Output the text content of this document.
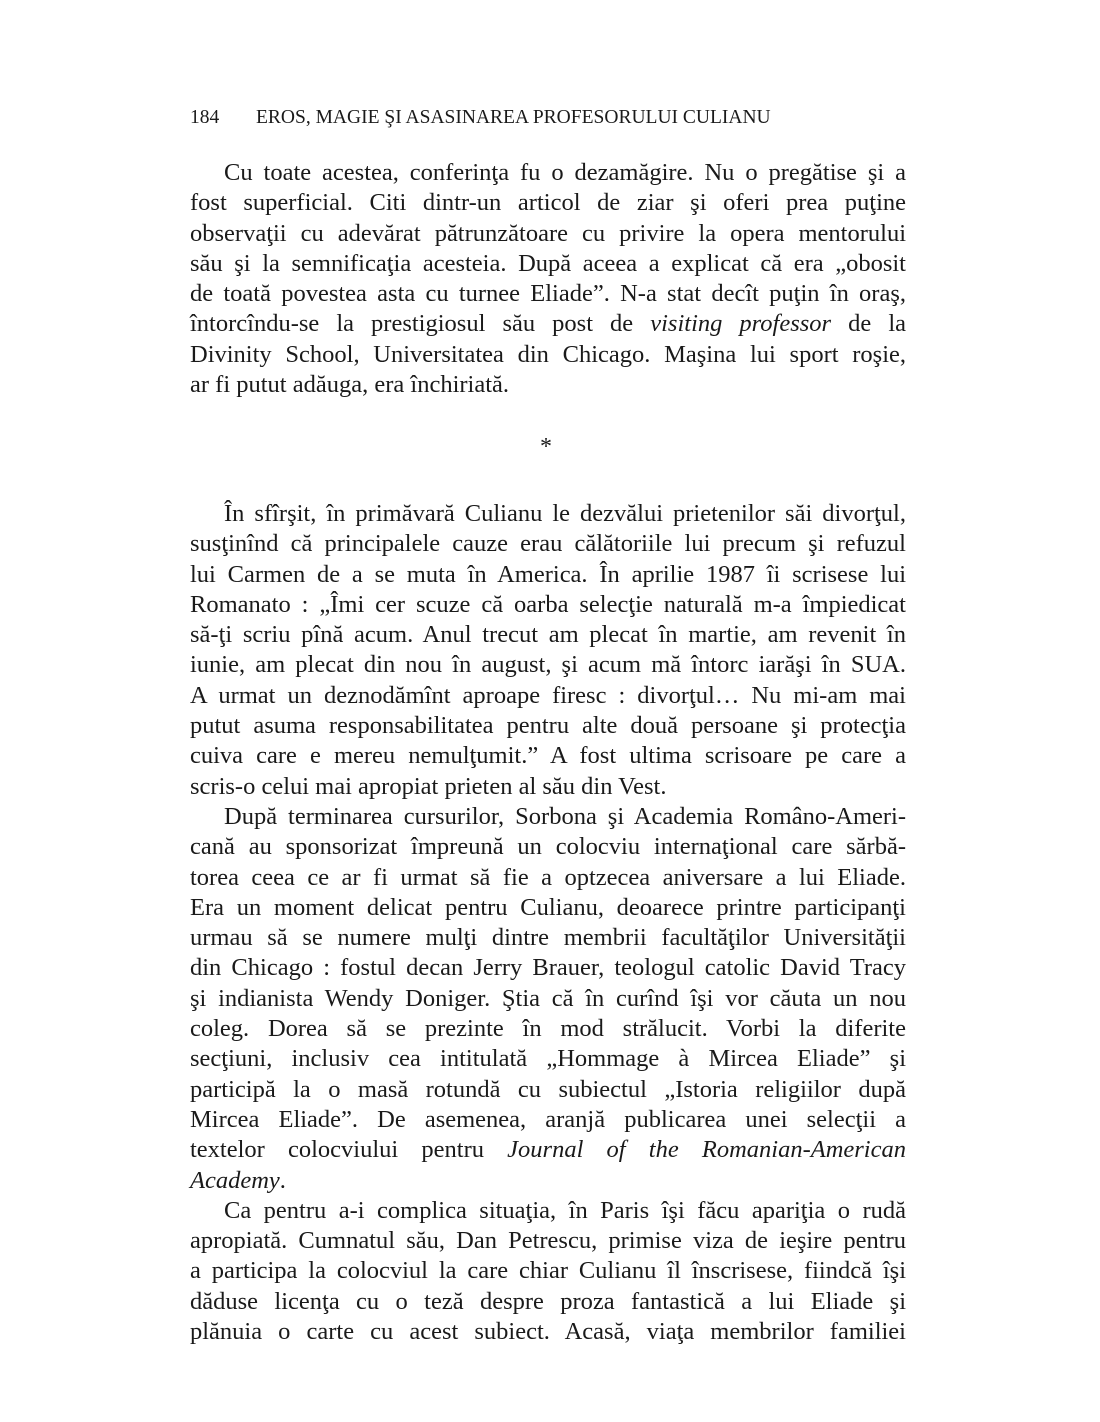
184 EROS, MAGIE ŞI ASASINAREA PROFESORULUI CULIANU
Cu toate acestea, conferinţa fu o dezamăgire. Nu o pregătise şi a
fost superficial. Citi dintr-un articol de ziar şi oferi prea puţine
observaţii cu adevărat pătrunzătoare cu privire la opera mentorului
său şi la semnificaţia acesteia. După aceea a explicat că era „obosit
de toată povestea asta cu turnee Eliade”. N-a stat decît puţin în oraş,
întorcîndu-se la prestigiosul său post de visiting professor de la
Divinity School, Universitatea din Chicago. Maşina lui sport roşie,
ar fi putut adăuga, era închiriată.
*
În sfîrşit, în primăvară Culianu le dezvălui prietenilor săi divorţul,
susţinînd că principalele cauze erau călătoriile lui precum şi refuzul
lui Carmen de a se muta în America. În aprilie 1987 îi scrisese lui
Romanato : „Îmi cer scuze că oarba selecţie naturală m-a împiedicat
să-ţi scriu pînă acum. Anul trecut am plecat în martie, am revenit în
iunie, am plecat din nou în august, şi acum mă întorc iarăşi în SUA.
A urmat un deznodămînt aproape firesc : divorţul… Nu mi-am mai
putut asuma responsabilitatea pentru alte două persoane şi protecţia
cuiva care e mereu nemulţumit.” A fost ultima scrisoare pe care a
scris-o celui mai apropiat prieten al său din Vest.
După terminarea cursurilor, Sorbona şi Academia Româno-Ameri-
cană au sponsorizat împreună un colocviu internaţional care sărbă-
torea ceea ce ar fi urmat să fie a optzecea aniversare a lui Eliade.
Era un moment delicat pentru Culianu, deoarece printre participanţi
urmau să se numere mulţi dintre membrii facultăţilor Universităţii
din Chicago : fostul decan Jerry Brauer, teologul catolic David Tracy
şi indianista Wendy Doniger. Ştia că în curînd îşi vor căuta un nou
coleg. Dorea să se prezinte în mod strălucit. Vorbi la diferite
secţiuni, inclusiv cea intitulată „Hommage à Mircea Eliade” şi
participă la o masă rotundă cu subiectul „Istoria religiilor după
Mircea Eliade”. De asemenea, aranjă publicarea unei selecţii a
textelor colocviului pentru Journal of the Romanian-American
Academy.
Ca pentru a-i complica situaţia, în Paris îşi făcu apariţia o rudă
apropiată. Cumnatul său, Dan Petrescu, primise viza de ieşire pentru
a participa la colocviul la care chiar Culianu îl înscrisese, fiindcă îşi
dăduse licenţa cu o teză despre proza fantastică a lui Eliade şi
plănuia o carte cu acest subiect. Acasă, viaţa membrilor familiei
